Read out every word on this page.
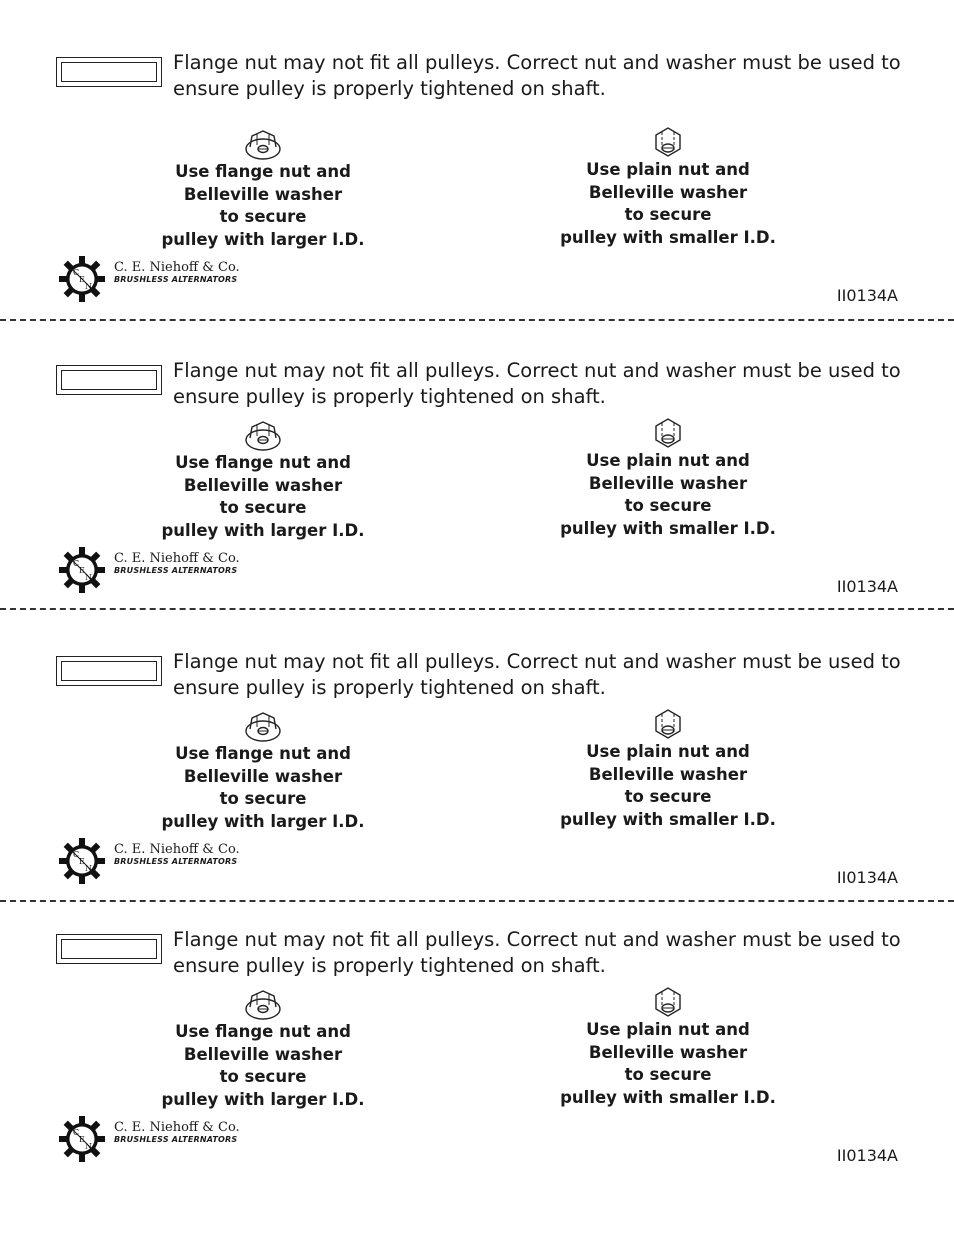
Flange nut may not fit all pulleys. Correct nut and washer must be used to ensure pulley is properly tightened on shaft.
Use flange nut and
Belleville washer
to secure
pulley with larger I.D.
Use plain nut and
Belleville washer
to secure
pulley with smaller I.D.
C
E
N
C. E. Niehoff & Co.
BRUSHLESS ALTERNATORS
II0134A
Flange nut may not fit all pulleys. Correct nut and washer must be used to ensure pulley is properly tightened on shaft.
Use flange nut and
Belleville washer
to secure
pulley with larger I.D.
Use plain nut and
Belleville washer
to secure
pulley with smaller I.D.
C
E
N
C. E. Niehoff & Co.
BRUSHLESS ALTERNATORS
II0134A
Flange nut may not fit all pulleys. Correct nut and washer must be used to ensure pulley is properly tightened on shaft.
Use flange nut and
Belleville washer
to secure
pulley with larger I.D.
Use plain nut and
Belleville washer
to secure
pulley with smaller I.D.
C
E
N
C. E. Niehoff & Co.
BRUSHLESS ALTERNATORS
II0134A
Flange nut may not fit all pulleys. Correct nut and washer must be used to ensure pulley is properly tightened on shaft.
Use flange nut and
Belleville washer
to secure
pulley with larger I.D.
Use plain nut and
Belleville washer
to secure
pulley with smaller I.D.
C
E
N
C. E. Niehoff & Co.
BRUSHLESS ALTERNATORS
II0134A
